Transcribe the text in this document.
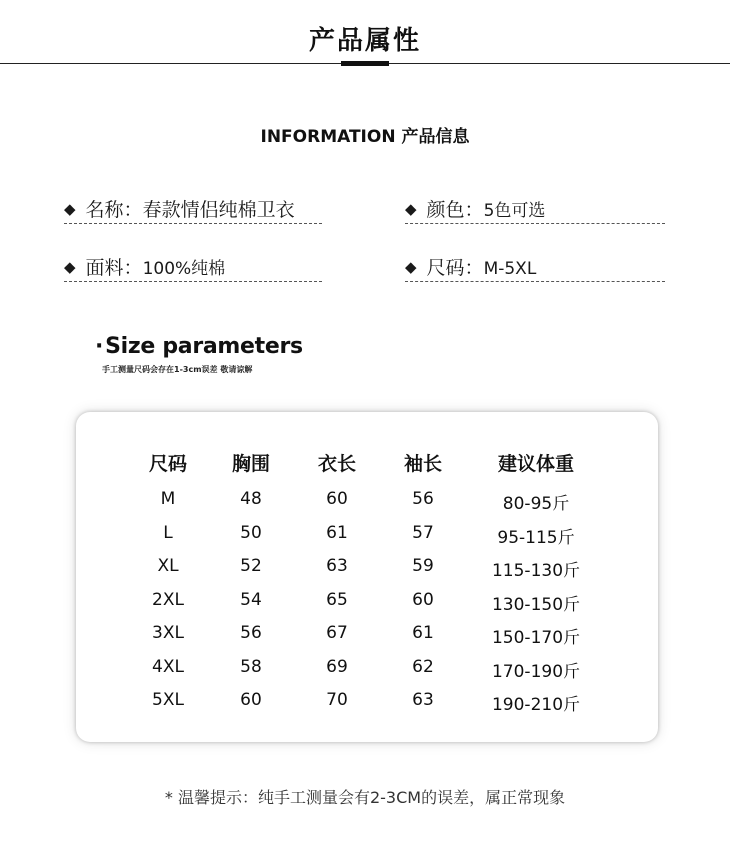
产品属性
INFORMATION 产品信息
◆ 名称：春款情侣纯棉卫衣	◆ 颜色：5色可选
◆ 面料：100%纯棉	◆ 尺码：M-5XL
·Size parameters
手工测量尺码会存在1-3cm误差 敬请谅解
尺码	胸围	衣长	袖长	建议体重
M	48	60	56	80-95斤
L	50	61	57	95-115斤
XL	52	63	59	115-130斤
2XL	54	65	60	130-150斤
3XL	56	67	61	150-170斤
4XL	58	69	62	170-190斤
5XL	60	70	63	190-210斤
* 温馨提示：纯手工测量会有2-3CM的误差，属正常现象
